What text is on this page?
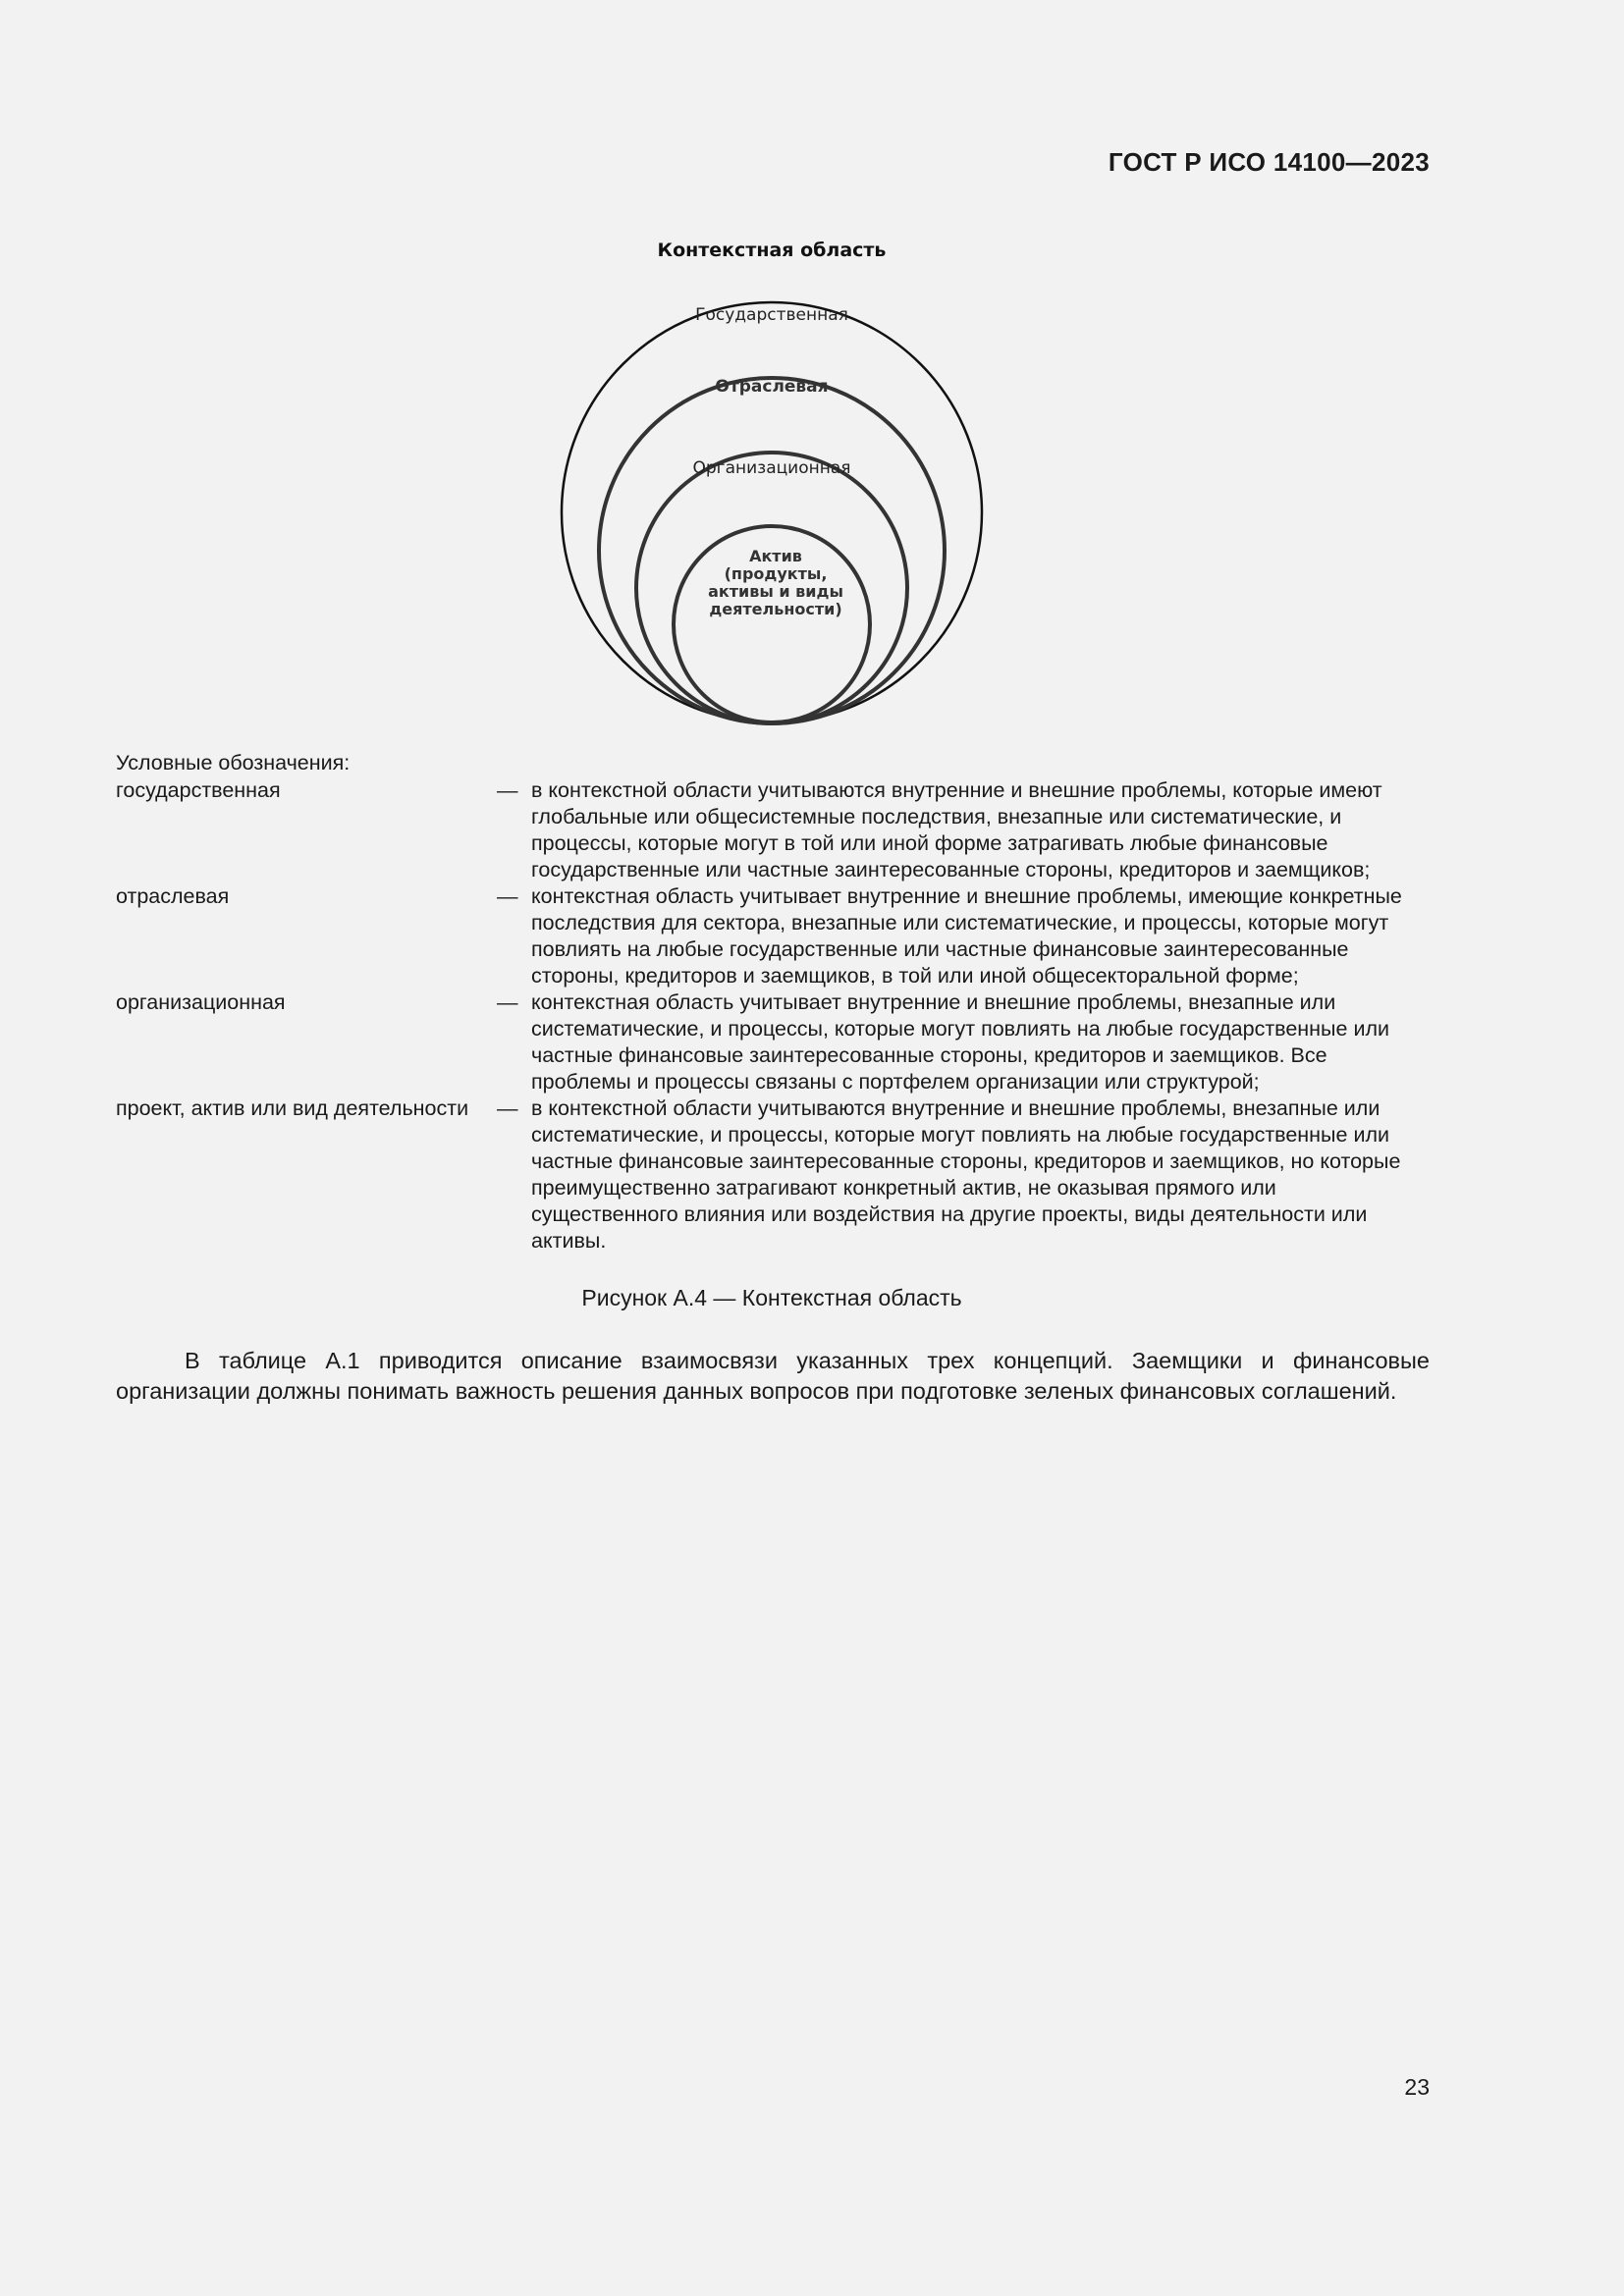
ГОСТ Р ИСО 14100—2023
Контекстная область
Государственная
Отраслевая
Организационная
Актив
(продукты,
активы и виды
деятельности)
Условные обозначения:
государственная	— в контекстной области учитываются внутренние и внешние проблемы, которые имеют глобальные или общесистемные последствия, внезапные или систематические, и процессы, которые могут в той или иной форме затрагивать любые финансовые государственные или частные заинтересованные стороны, кредиторов и заемщиков;
отраслевая	— контекстная область учитывает внутренние и внешние проблемы, имеющие конкретные последствия для сектора, внезапные или систематические, и процессы, которые могут повлиять на любые государственные или частные финансовые заинтересованные стороны, кредиторов и заемщиков, в той или иной общесекторальной форме;
организационная	— контекстная область учитывает внутренние и внешние проблемы, внезапные или систематические, и процессы, которые могут повлиять на любые государственные или частные финансовые заинтересованные стороны, кредиторов и заемщиков. Все проблемы и процессы связаны с портфелем организации или структурой;
проект, актив или вид деятельности	— в контекстной области учитываются внутренние и внешние проблемы, внезапные или систематические, и процессы, которые могут повлиять на любые государственные или частные финансовые заинтересованные стороны, кредиторов и заемщиков, но которые преимущественно затрагивают конкретный актив, не оказывая прямого или существенного влияния или воздействия на другие проекты, виды деятельности или активы.
Рисунок А.4 — Контекстная область
В таблице А.1 приводится описание взаимосвязи указанных трех концепций. Заемщики и финансовые организации должны понимать важность решения данных вопросов при подготовке зеленых финансовых соглашений.
23
